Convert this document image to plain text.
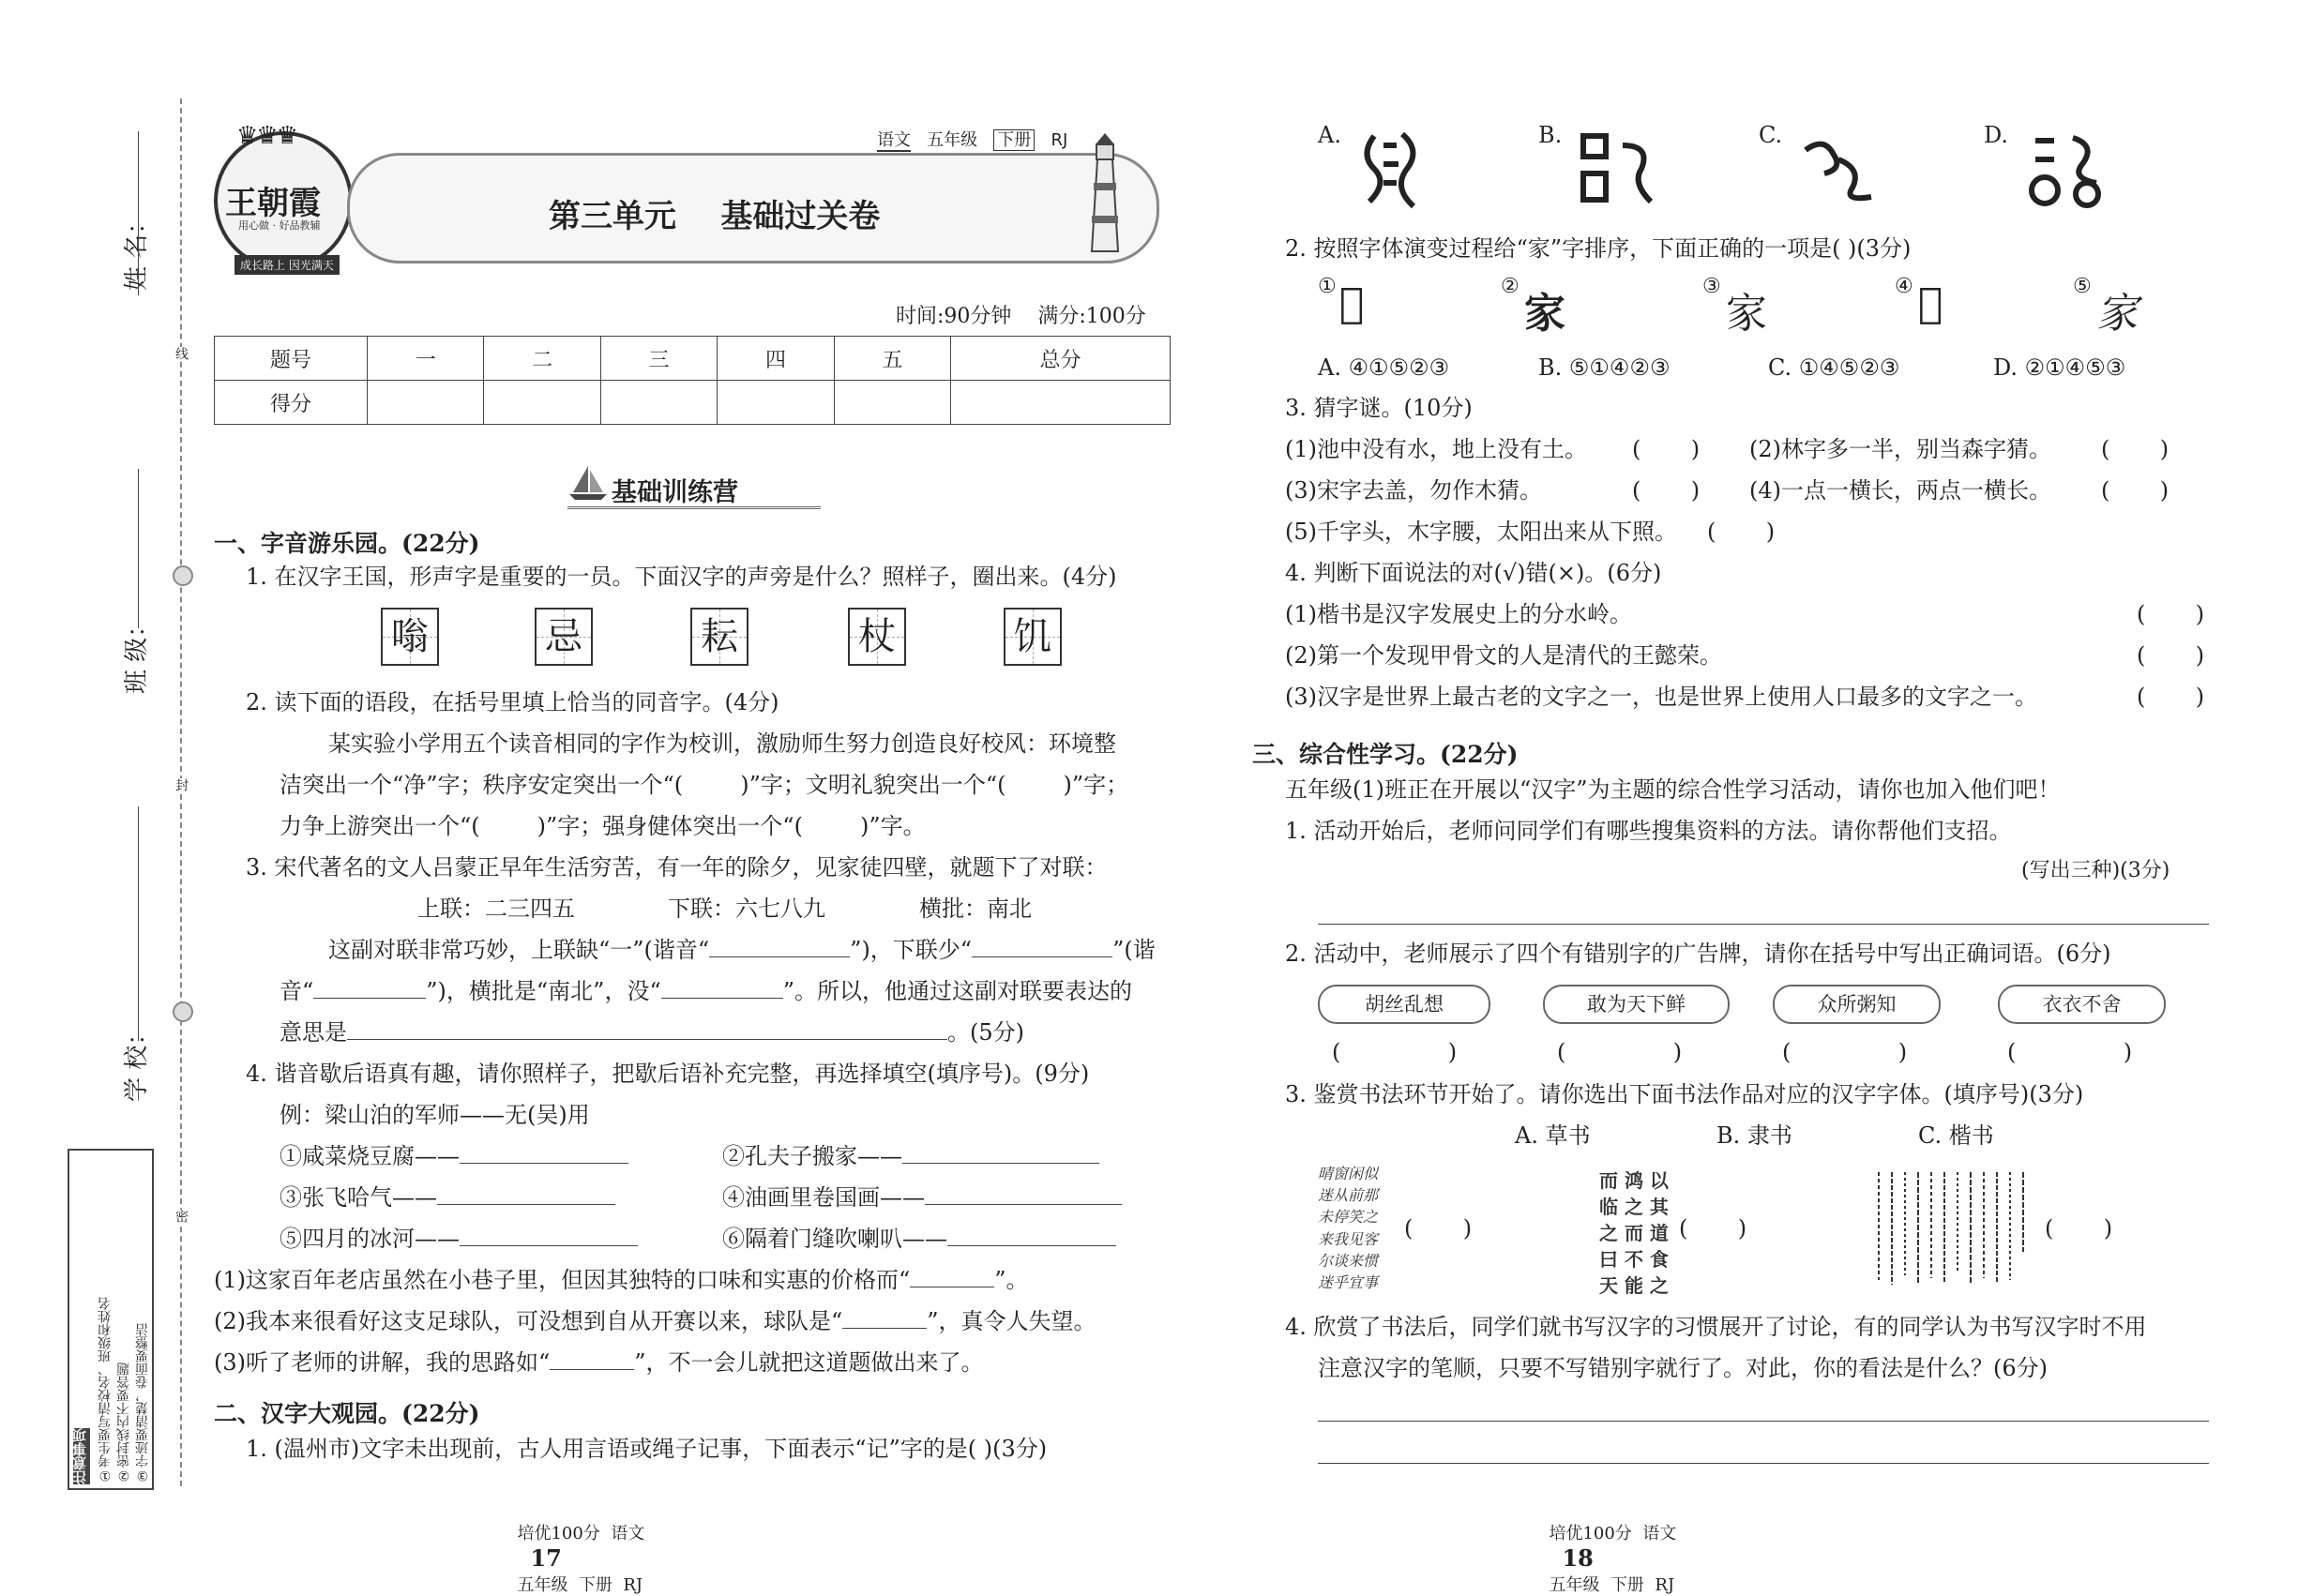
线
封
密
姓 名：
班 级：
学 校：
注意事项 ①考生要写清校名、班级和姓名 ②密封线内不要答题 ③字迹要清楚，卷面要整洁
♛♛♛
王朝霞
用心做 · 好品教辅
成长路上 因光满天
语文 五年级 下册 RJ
第三单元    基础过关卷
时间:90分钟    满分:100分
题号	一	二	三	四	五	总分
得分						
基础训练营
一、字音游乐园。(22分)
1. 在汉字王国，形声字是重要的一员。下面汉字的声旁是什么？照样子，圈出来。(4分)
嗡	忌	耘	杖	饥
2. 读下面的语段，在括号里填上恰当的同音字。(4分)
某实验小学用五个读音相同的字作为校训，激励师生努力创造良好校风：环境整
洁突出一个“净”字；秩序安定突出一个“(        )”字；文明礼貌突出一个“(        )”字；
力争上游突出一个“(        )”字；强身健体突出一个“(        )”字。
3. 宋代著名的文人吕蒙正早年生活穷苦，有一年的除夕，见家徒四壁，就题下了对联：
上联：二三四五	下联：六七八九	横批：南北
这副对联非常巧妙，上联缺“一”(谐音“	”)，下联少“	”(谐
音“	”)，横批是“南北”，没“	”。所以，他通过这副对联要表达的
意思是	。(5分)
4. 谐音歇后语真有趣，请你照样子，把歇后语补充完整，再选择填空(填序号)。(9分)
例：梁山泊的军师——无(吴)用
①咸菜烧豆腐——	②孔夫子搬家——
③张飞哈气——	④油画里卷国画——
⑤四月的冰河——	⑥隔着门缝吹喇叭——
(1)这家百年老店虽然在小巷子里，但因其独特的口味和实惠的价格而“	”。
(2)我本来很看好这支足球队，可没想到自从开赛以来，球队是“	”，真令人失望。
(3)听了老师的讲解，我的思路如“	”，不一会儿就把这道题做出来了。
二、汉字大观园。(22分)
1. (温州市)文字未出现前，古人用言语或绳子记事，下面表示“记”字的是( )(3分)
A.	B.	C.	D.
2. 按照字体演变过程给“家”字排序，下面正确的一项是( )(3分)
① 𠖲	②
家
③
家
④ 𡧉	⑤
家
A. ④①⑤②③	B. ⑤①④②③	C. ①④⑤②③	D. ②①④⑤③
3. 猜字谜。(10分)
(1)池中没有水，地上没有土。 (       ) (2)林字多一半，别当森字猜。 (       )
(3)宋字去盖，勿作木猜。	(       ) (4)一点一横长，两点一横长。 (       )
(5)千字头，木字腰，太阳出来从下照。 (       )
4. 判断下面说法的对(√)错(×)。(6分)
(1)楷书是汉字发展史上的分水岭。	(       )
(2)第一个发现甲骨文的人是清代的王懿荣。	(       )
(3)汉字是世界上最古老的文字之一，也是世界上使用人口最多的文字之一。	(       )
三、综合性学习。(22分)
五年级(1)班正在开展以“汉字”为主题的综合性学习活动，请你也加入他们吧！
1. 活动开始后，老师问同学们有哪些搜集资料的方法。请你帮他们支招。
(写出三种)(3分)
2. 活动中，老师展示了四个有错别字的广告牌，请你在括号中写出正确词语。(6分)
胡丝乱想	敢为天下鲜	众所粥知	衣衣不舍
(               )	(               )	(               )	(               )
3. 鉴赏书法环节开始了。请你选出下面书法作品对应的汉字字体。(填序号)(3分)
A. 草书	B. 隶书	C. 楷书
晴窗闲似
迷从前那
未停笑之
来我见客
尔谈来惯
迷乎宜事
(       )
而 鸿 以
临 之 其
之 而 道
曰 不 食
天 能 之
(       )	(       )
4. 欣赏了书法后，同学们就书写汉字的习惯展开了讨论，有的同学认为书写汉字时不用
注意汉字的笔顺，只要不写错别字就行了。对此，你的看法是什么？(6分)

培优100分  语文
17
五年级  下册  RJ

培优100分  语文
18
五年级  下册  RJ
